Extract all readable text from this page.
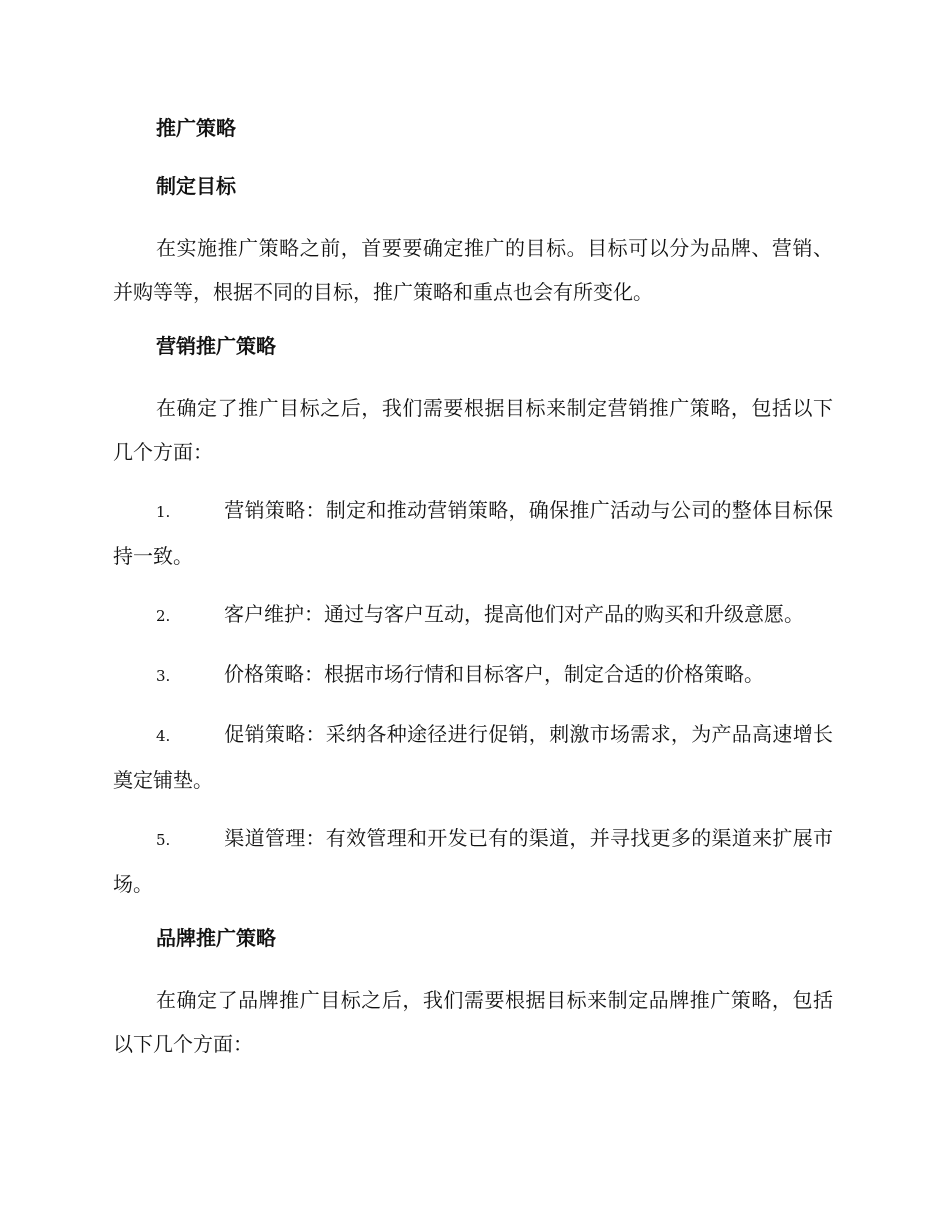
推广策略
制定目标

在实施推广策略之前，首要要确定推广的目标。目标可以分为品牌、营销、并购等等，根据不同的目标，推广策略和重点也会有所变化。

营销推广策略

在确定了推广目标之后，我们需要根据目标来制定营销推广策略，包括以下几个方面：

1.	营销策略：制定和推动营销策略，确保推广活动与公司的整体目标保持一致。
2.	客户维护：通过与客户互动，提高他们对产品的购买和升级意愿。
3.	价格策略：根据市场行情和目标客户，制定合适的价格策略。
4.	促销策略：采纳各种途径进行促销，刺激市场需求，为产品高速增长奠定铺垫。
5.	渠道管理：有效管理和开发已有的渠道，并寻找更多的渠道来扩展市场。
品牌推广策略

在确定了品牌推广目标之后，我们需要根据目标来制定品牌推广策略，包括以下几个方面：
